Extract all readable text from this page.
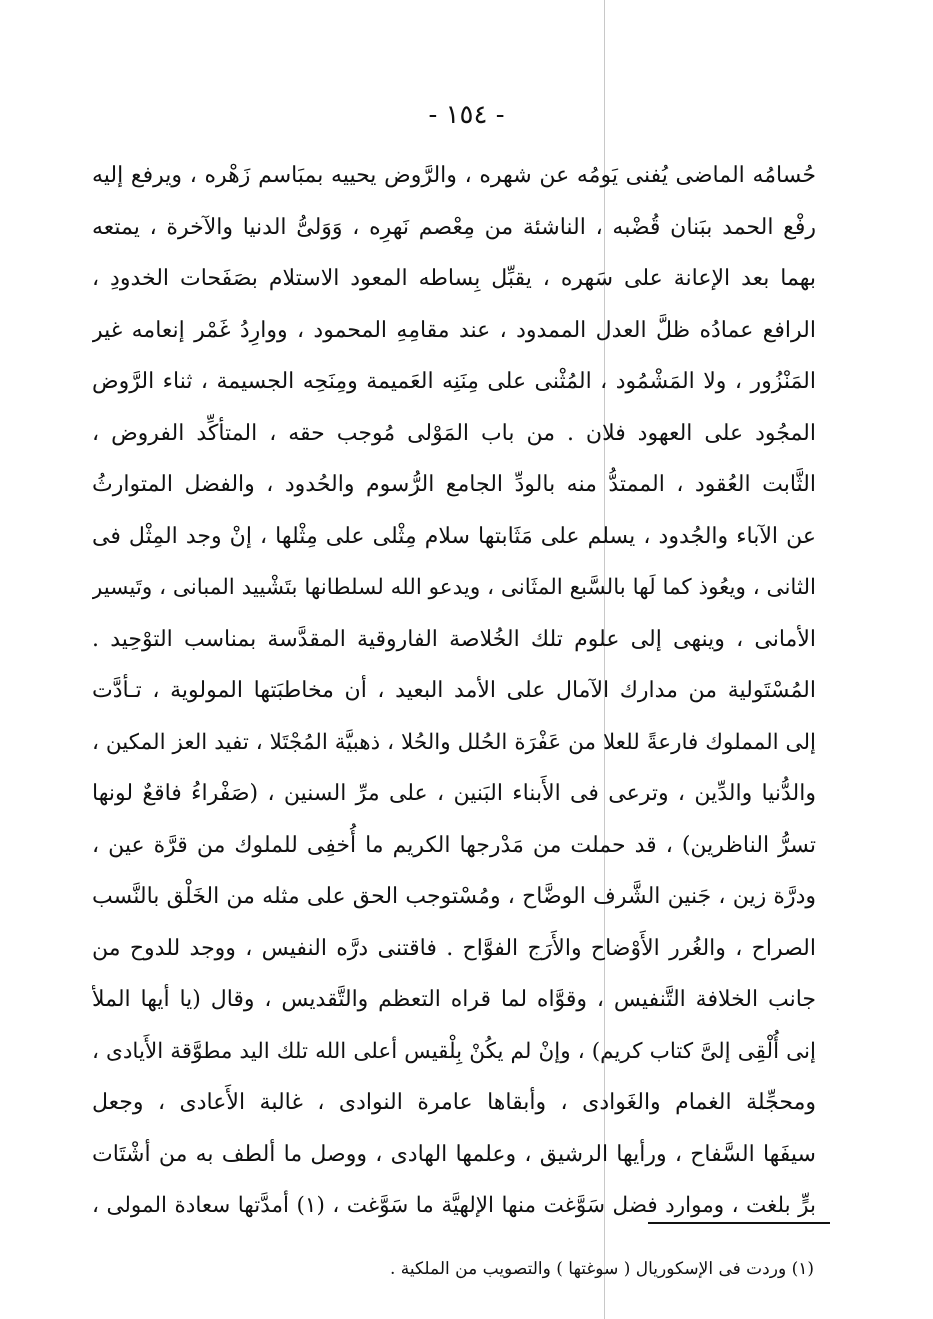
- ١٥٤ -
حُسامُه الماضى يُفنى يَومُه عن شهره ، والرَّوض يحييه بمبَاسم زَهْره ، ويرفع إليه
رفْع الحمد ببَنان قُضْبه ، الناشئة من مِعْصم نَهرِه ، وَوَلىُّ الدنيا والآخرة ، يمتعه
بهما بعد الإعانة على سَهره ، يقبِّل بِساطه المعود الاستلام بصَفَحات الخدودِ ،
الرافع عمادُه ظلَّ العدل الممدود ، عند مقامِهِ المحمود ، ووارِدُ غَمْر إنعامه غير
المَنْزُور ، ولا المَشْمُود ، المُثْنى على مِنَنِه العَميمة ومِنَحِه الجسيمة ، ثناء الرَّوض
المجُود على العهود فلان . من باب المَوْلى مُوجب حقه ، المتأكِّد الفروض ،
الثَّابت العُقود ، الممتدُّ منه بالودِّ الجامع الرُّسوم والحُدود ، والفضل المتوارثُ
عن الآباء والجُدود ، يسلم على مَثَابتها سلام مِثْلى على مِثْلها ، إنْ وجد المِثْل فى
الثانى ، ويعُوذ كما لَها بالسَّبع المثَانى ، ويدعو الله لسلطانها بتَشْييد المبانى ، وتَيسير
الأمانى ، وينهى إلى علوم تلك الخُلاصة الفاروقية المقدَّسة بمناسب التوْحِيد .
المُسْتَولية من مدارك الآمال على الأمد البعيد ، أن مخاطبَتها المولوية ، تـأدَّت
إلى المملوك فارعةً للعلا من عَفْرَة الحُلل والحُلا ، ذهبيَّة المُجْتَلا ، تفيد العز المكين ،
والدُّنيا والدِّين ، وترعى فى الأَبناء البَنين ، على مرِّ السنين ، (صَفْراءُ فاقعٌ لونها
تسرُّ الناظرين) ، قد حملت من مَدْرجها الكريم ما أُخفِى للملوك من قرَّة عين ،
ودرَّة زين ، جَنين الشَّرف الوضَّاح ، ومُسْتوجب الحق على مثله من الخَلْق بالنَّسب
الصراح ، والغُرر الأَوْضاح والأَرَج الفوَّاح . فاقتنى درَّه النفيس ، ووجد للدوح من
جانب الخلافة التَّنفيس ، وقوَّاه لما قراه التعظم والتَّقديس ، وقال (يا أيها الملأ
إنى أُلْقِى إلىَّ كتاب كريم) ، وإنْ لم يكُنْ بِلْقيس أعلى الله تلك اليد مطوَّقة الأَيادى ،
ومحجِّلة الغمام والغَوادى ، وأبقاها عامرة النوادى ، غالبة الأَعادى ، وجعل
سيفَها السَّفاح ، ورأيها الرشيق ، وعلمها الهادى ، ووصل ما ألطف به من أشْتَات
برٍّ بلغت ، وموارد فضل سَوَّغت منها الإلهيَّة ما سَوَّغت ، (١) أمدَّتها سعادة المولى ،
(١) وردت فى الإسكوريال ( سوغتها ) والتصويب من الملكية .
